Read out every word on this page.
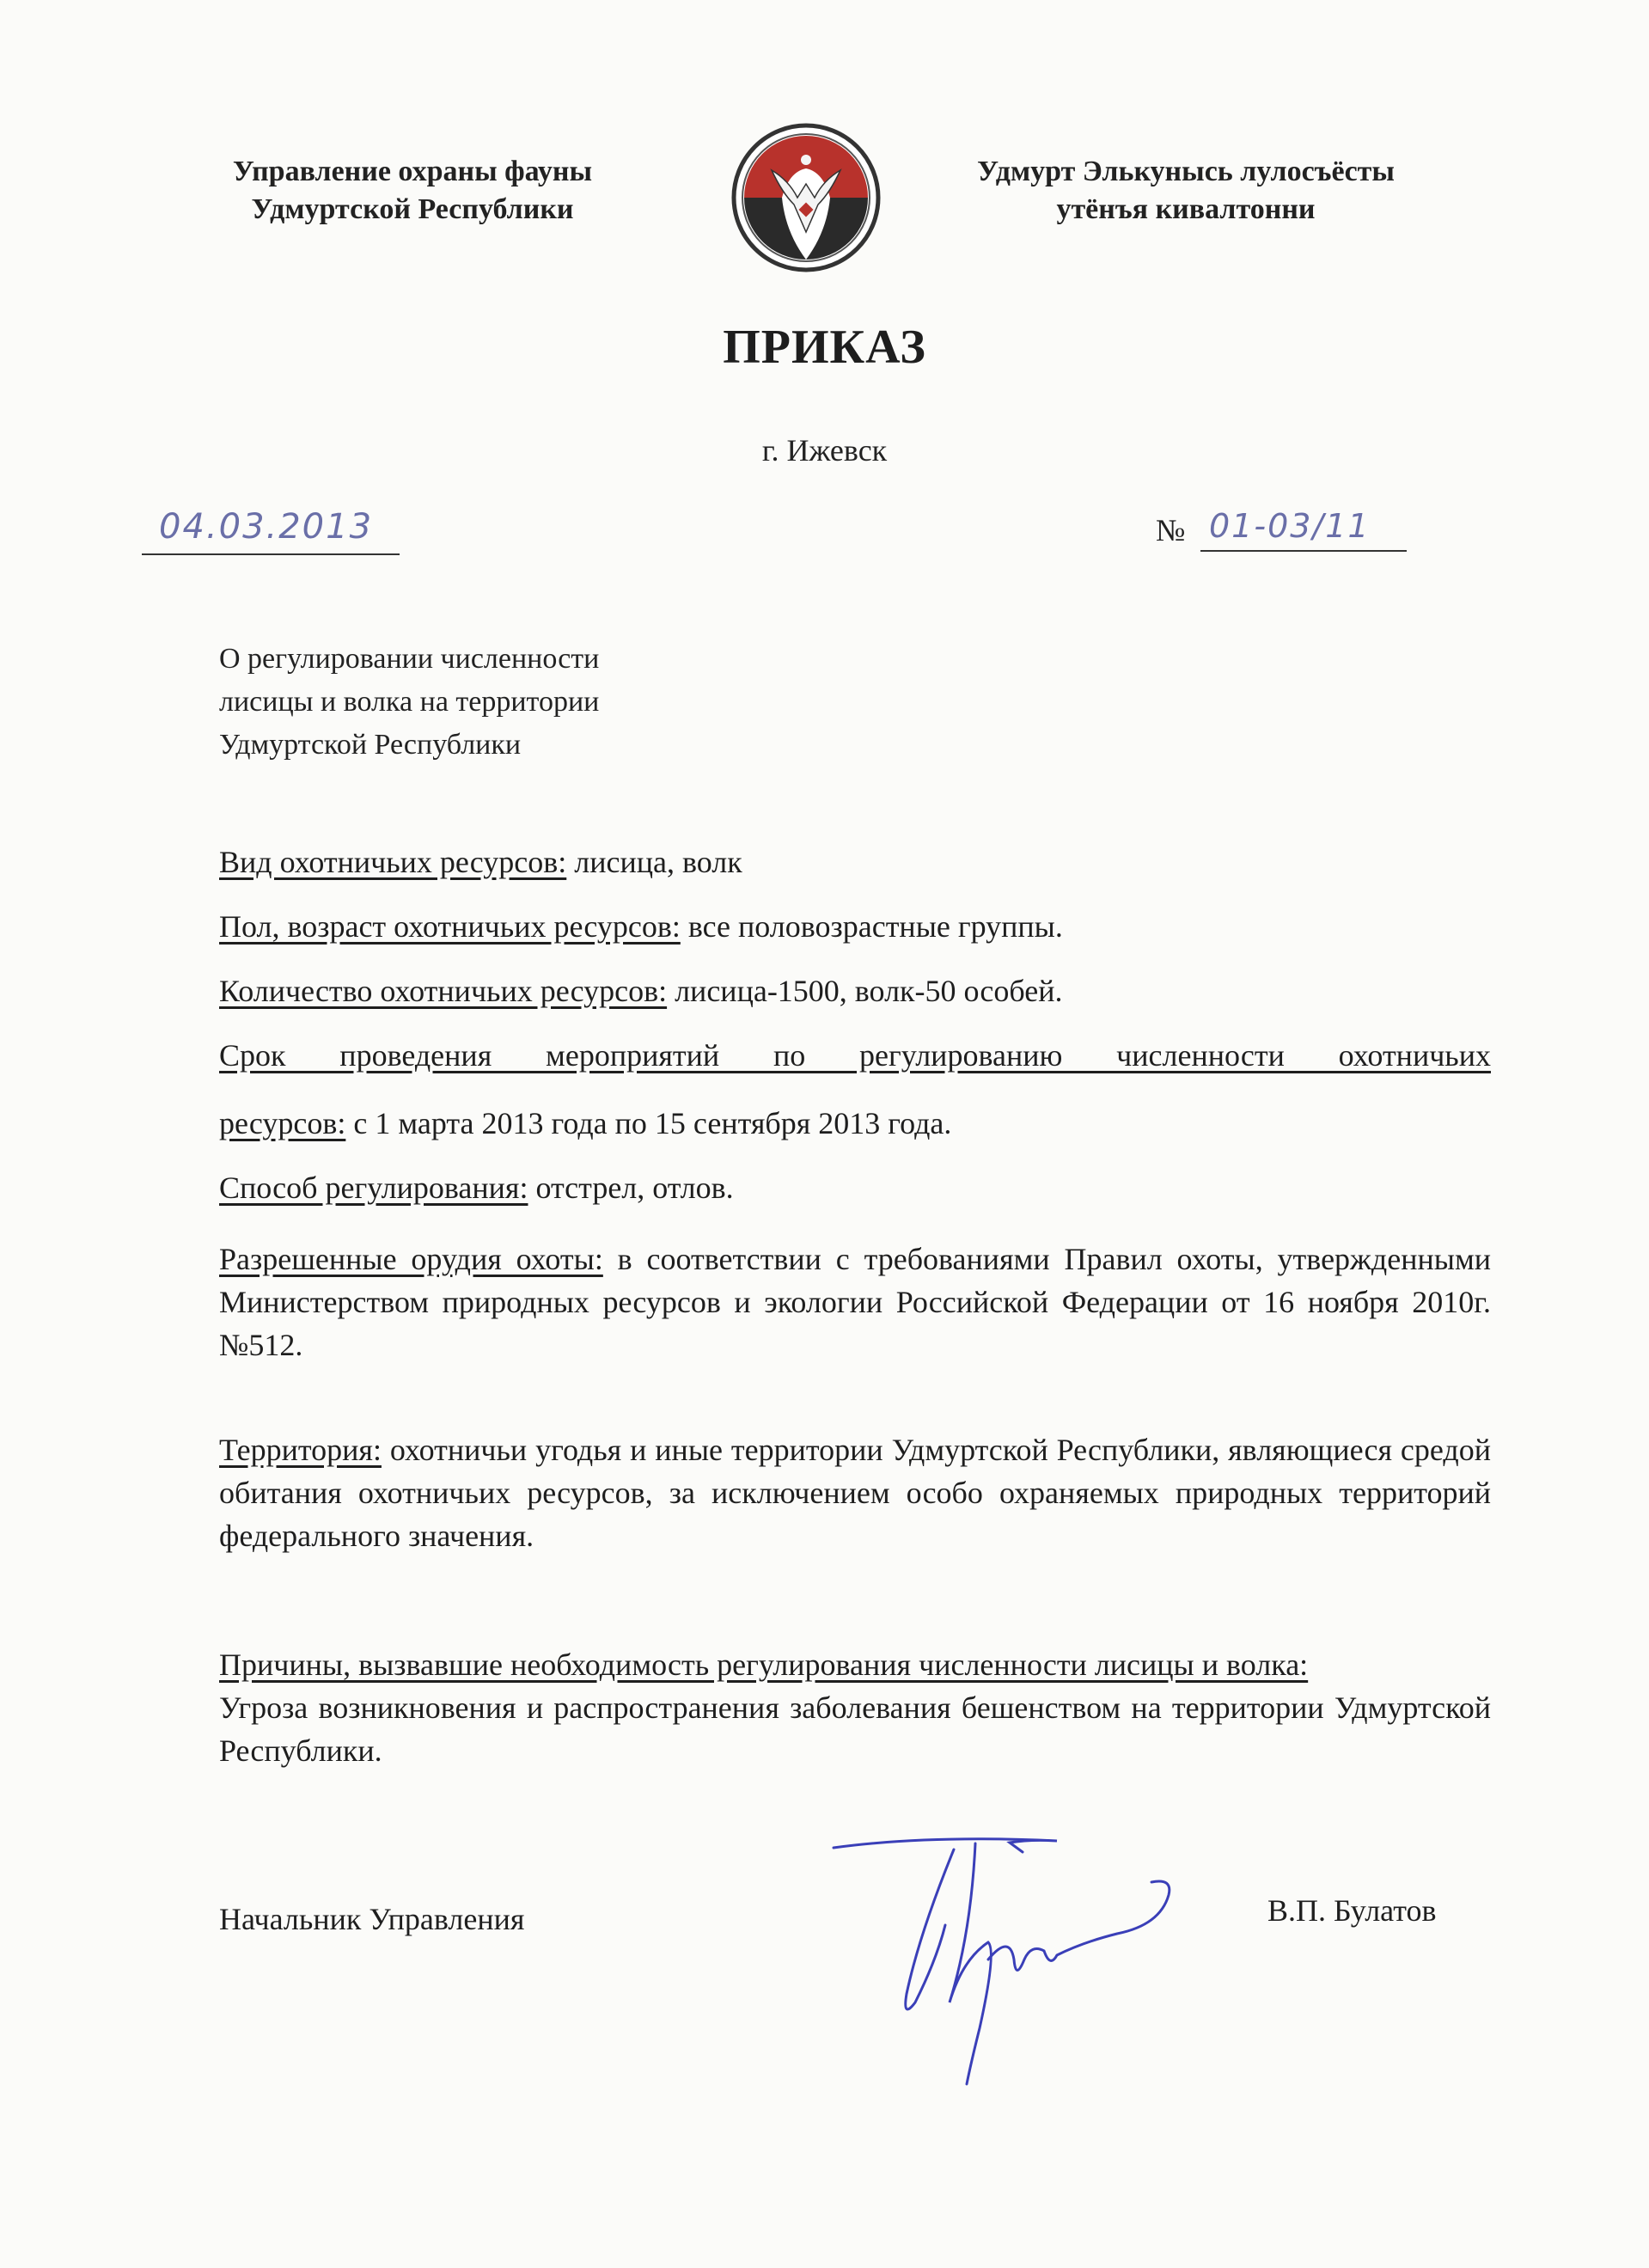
Управление охраны фауны
Удмуртской Республики
Удмурт Элькунысь лулосъёсты
утёнъя кивалтонни
ПРИКАЗ
г. Ижевск
04.03.2013	№ 01-03/11
О регулировании численности
лисицы и волка на территории
Удмуртской Республики
Вид охотничьих ресурсов: лисица, волк
Пол, возраст охотничьих ресурсов: все половозрастные группы.
Количество охотничьих ресурсов: лисица-1500, волк-50 особей.
Срок проведения мероприятий по регулированию численности охотничьих
ресурсов: с 1 марта 2013 года по 15 сентября 2013 года.
Способ регулирования: отстрел, отлов.
Разрешенные орудия охоты: в соответствии с требованиями Правил охоты, утвержденными Министерством природных ресурсов и экологии Российской Федерации от 16 ноября 2010г. №512.
Территория: охотничьи угодья и иные территории Удмуртской Республики, являющиеся средой обитания охотничьих ресурсов, за исключением особо охраняемых природных территорий федерального значения.
Причины, вызвавшие необходимость регулирования численности лисицы и волка:
Угроза возникновения и распространения заболевания бешенством на территории Удмуртской Республики.
Начальник Управления	В.П. Булатов
